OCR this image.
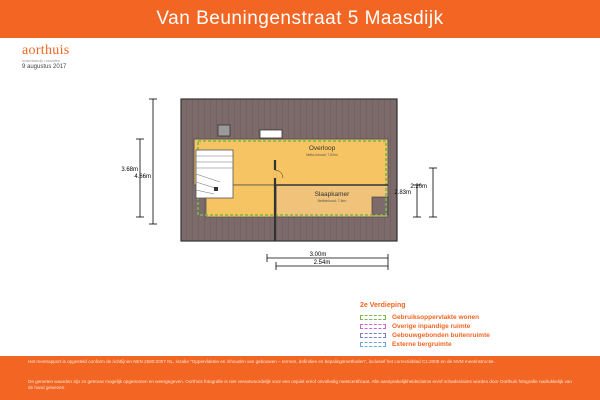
Van Beuningenstraat 5 Maasdijk
aorthuis
makelaardij • taxaties
9 augustus 2017
Overloop
Netto-inhoud: 7.62m²
Slaapkamer
Nettoinhoud: 7.8m²
3.68m
4.66m
2.83m
2.20m
3.00m
2.54m
2e Verdieping
Gebruiksoppervlakte wonen
Overige inpandige ruimte
Gebouwgebonden buitenruimte
Externe bergruimte
Het meetrapport is opgesteld conform de richtlijnen NEN 2580:2007 NL, inzake "Oppervlakten en inhouden van gebouwen – termen, definities en bepalingsmethoden", inclusief het correctieblad C1:2008 en de NVM meetinstructie.
De gemeten waarden zijn zo getrouw mogelijk opgenomen en weergegeven. Oorthuis fotografie is niet verantwoordelijk voor een onjuist en/of onvolledig meetcertificaat. Alle aansprakelijkheidsclaims en/of schadeclaims worden door Oorthuis fotografie nadrukkelijk van de hand gewezen.
